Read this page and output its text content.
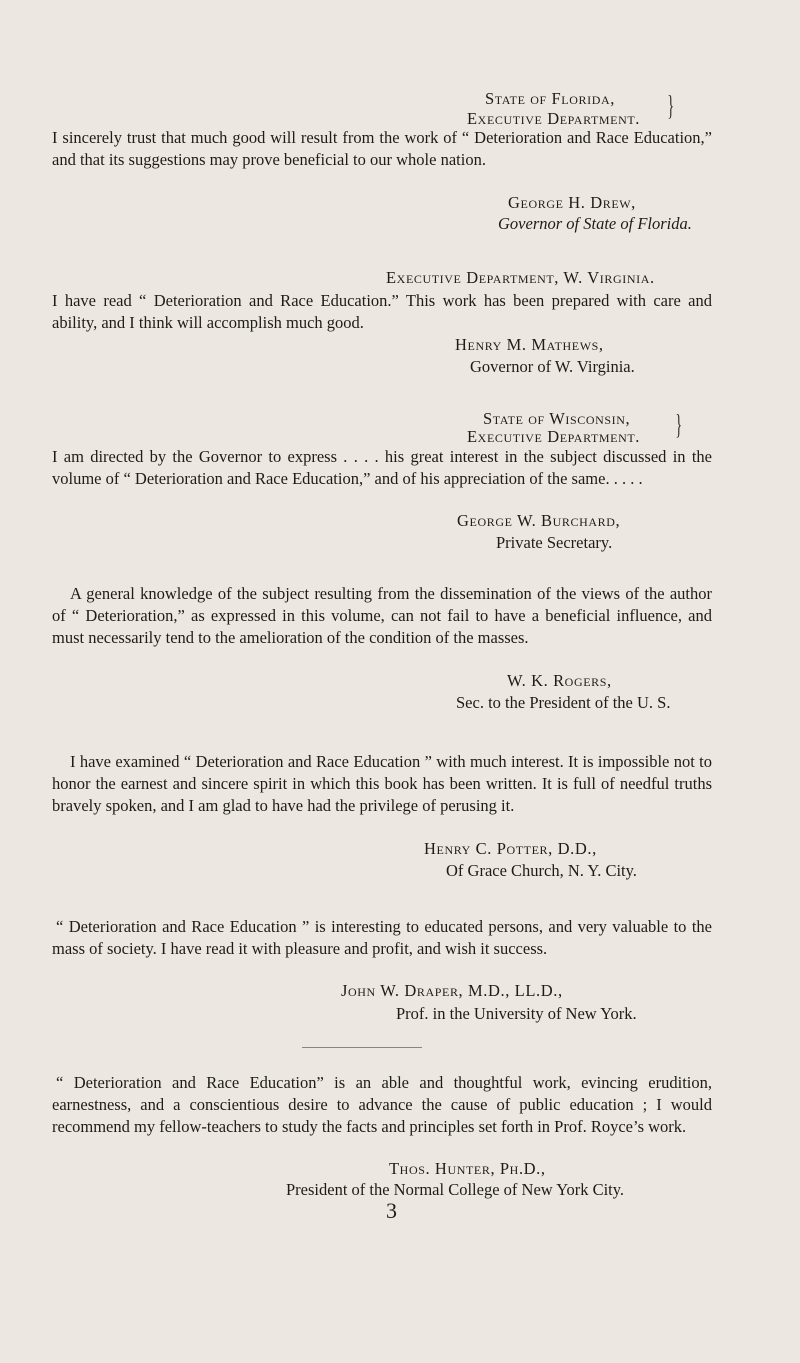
State of Florida,
Executive Department. }

I sincerely trust that much good will result from the work of “ Deterioration and Race Education,” and that its suggestions may prove beneficial to our whole nation.

George H. Drew,
Governor of State of Florida.
Executive Department, W. Virginia.

I have read “ Deterioration and Race Education.” This work has been prepared with care and ability, and I think will accomplish much good.

Henry M. Mathews,
Governor of W. Virginia.
State of Wisconsin,
Executive Department. }

I am directed by the Governor to express . . . . his great interest in the subject discussed in the volume of “ Deterioration and Race Education,” and of his appreciation of the same. . . . .

George W. Burchard,
Private Secretary.

A general knowledge of the subject resulting from the dissemination of the views of the author of “ Deterioration,” as expressed in this volume, can not fail to have a beneficial influence, and must necessarily tend to the amelioration of the condition of the masses.

W. K. Rogers,
Sec. to the President of the U. S.

I have examined “ Deterioration and Race Education ” with much interest. It is impossible not to honor the earnest and sincere spirit in which this book has been written. It is full of needful truths bravely spoken, and I am glad to have had the privilege of perusing it.

Henry C. Potter, D.D.,
Of Grace Church, N. Y. City.

“ Deterioration and Race Education ” is interesting to educated persons, and very valuable to the mass of society. I have read it with pleasure and profit, and wish it success.

John W. Draper, M.D., LL.D.,
Prof. in the University of New York.

“ Deterioration and Race Education” is an able and thoughtful work, evincing erudition, earnestness, and a conscientious desire to advance the cause of public education ; I would recommend my fellow-teachers to study the facts and principles set forth in Prof. Royce’s work.

Thos. Hunter, Ph.D.,
President of the Normal College of New York City.
3
